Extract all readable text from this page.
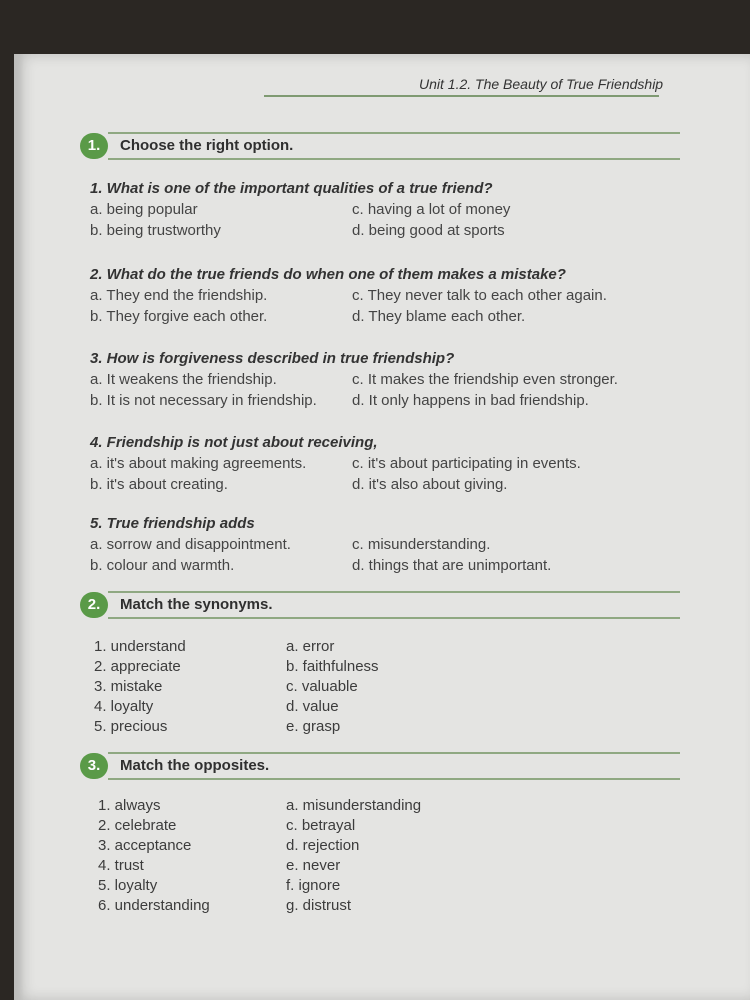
Unit 1.2. The Beauty of True Friendship
1.	Choose the right option.
1. What is one of the important qualities of a true friend?
a. being popular	c. having a lot of money
b. being trustworthy	d. being good at sports
2. What do the true friends do when one of them makes a mistake?
a. They end the friendship.	c. They never talk to each other again.
b. They forgive each other.	d. They blame each other.
3. How is forgiveness described in true friendship?
a. It weakens the friendship.	c. It makes the friendship even stronger.
b. It is not necessary in friendship. d. It only happens in bad friendship.
4. Friendship is not just about receiving,
a. it's about making agreements.	c. it's about participating in events.
b. it's about creating.	d. it's also about giving.
5. True friendship adds
a. sorrow and disappointment.	c. misunderstanding.
b. colour and warmth.	d. things that are unimportant.
2.	Match the synonyms.
1. understand	a. error
2. appreciate	b. faithfulness
3. mistake	c. valuable
4. loyalty	d. value
5. precious	e. grasp
3.	Match the opposites.
1. always	a. misunderstanding
2. celebrate	c. betrayal
3. acceptance	d. rejection
4. trust	e. never
5. loyalty	f. ignore
6. understanding	g. distrust
